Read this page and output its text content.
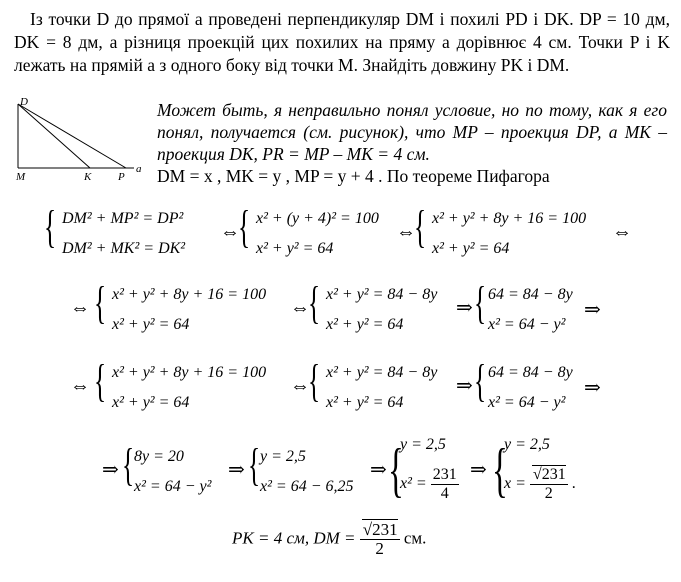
Із точки D до прямої a проведені перпендикуляр DM і похилі PD і DK. DP = 10 дм, DK = 8 дм, а різниця проекцій цих похилих на пряму a дорівнює 4 см. Точки P і K лежать на прямій a з одного боку від точки M. Знайдіть довжину PK і DM.

D
M	K P
a

Может быть, я неправильно понял условие, но по тому, как я его понял, получается (см. рисунок), что MP – проекция DP, а MK – проекция DK, PR = MP – MK = 4 см.
DM = x , MK = y , MP = y + 4 . По теореме Пифагора

{ DM² + MP² = DP²
DM² + MK² = DK²
⇔
{ x² + (y + 4)² = 100
x² + y² = 64
⇔
{ x² + y² + 8y + 16 = 100
x² + y² = 64
⇔
⇔ { x² + y² + 8y + 16 = 100
x² + y² = 64
⇔
{ x² + y² = 84 − 8y
x² + y² = 64
⇒ { 64 = 84 − 8y
x² = 64 − y²
⇒
⇔ { x² + y² + 8y + 16 = 100
x² + y² = 64
⇔
{ x² + y² = 84 − 8y
x² + y² = 64
⇒ { 64 = 84 − 8y
x² = 64 − y²
⇒
⇒ { 8y = 20
x² = 64 − y²
⇒ { y = 2,5
x² = 64 − 6,25
⇒ {
y = 2,5
$x^2 = \frac{231}{4}$ ⇒ {
y = 2,5
$x = \frac{√231}{2}$ .
PK = 4 см, DM = $\frac{√231}{2}$ см.
